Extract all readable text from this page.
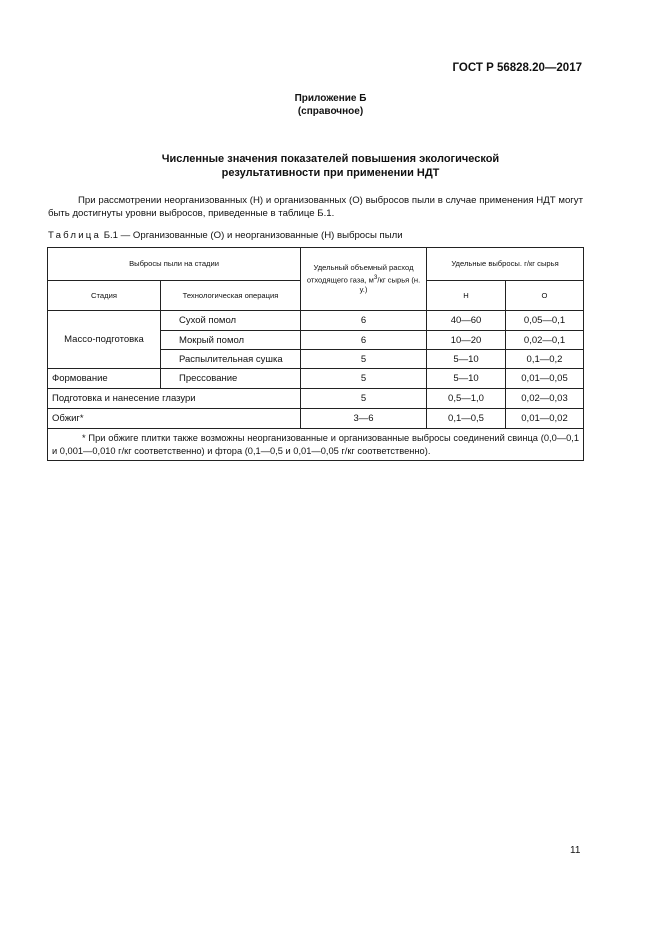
ГОСТ Р 56828.20—2017
Приложение Б
(справочное)
Численные значения показателей повышения экологической
результативности при применении НДТ
При рассмотрении неорганизованных (Н) и организованных (О) выбросов пыли в случае применения НДТ могут быть достигнуты уровни выбросов, приведенные в таблице Б.1.
Таблица Б.1 — Организованные (О) и неорганизованные (Н) выбросы пыли
Выбросы пыли на стадии		Удельный объемный расход отходящего газа, $м^3/кг$ сырья (н. у.)	Удельные выбросы. г/кг сырья	
Стадия	Технологическая операция		Н	О
Массо-подготовка	Сухой помол	6	40—60	0,05—0,1
	Мокрый помол	6	10—20	0,02—0,1
	Распылительная сушка	5	5—10	0,1—0,2
Формование	Прессование	5	5—10	0,01—0,05
Подготовка и нанесение глазури		5	0,5—1,0	0,02—0,03
Обжиг*		3—6	0,1—0,5	0,01—0,02
* При обжиге плитки также возможны неорганизованные и организованные выбросы соединений свинца (0,0—0,1 и 0,001—0,010 г/кг соответственно) и фтора (0,1—0,5 и 0,01—0,05 г/кг соответственно).				
11
